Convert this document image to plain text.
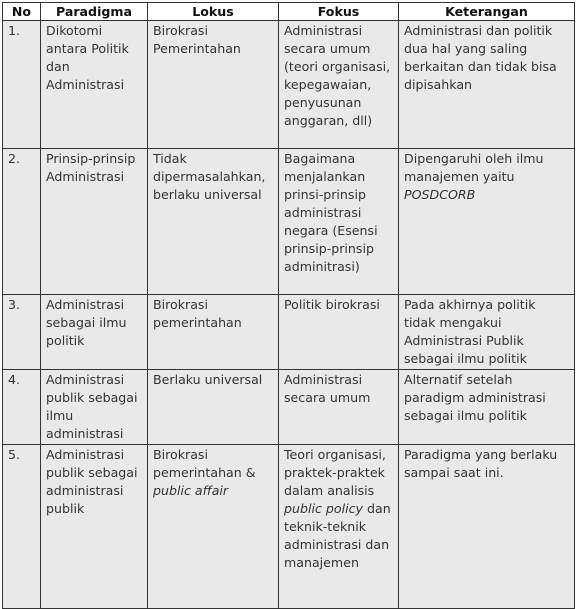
No	Paradigma	Lokus	Fokus	Keterangan
1.	Dikotomi antara Politik dan Administrasi	Birokrasi Pemerintahan	Administrasi secara umum (teori organisasi, kepegawaian, penyusunan anggaran, dll)	Administrasi dan politik dua hal yang saling berkaitan dan tidak bisa dipisahkan
2.	Prinsip-prinsip Administrasi	Tidak dipermasalahkan, berlaku universal	Bagaimana menjalankan prinsi-prinsip administrasi negara (Esensi prinsip-prinsip adminitrasi)	Dipengaruhi oleh ilmu manajemen yaitu POSDCORB
3.	Administrasi sebagai ilmu politik	Birokrasi pemerintahan	Politik birokrasi	Pada akhirnya politik tidak mengakui Administrasi Publik sebagai ilmu politik
4.	Administrasi publik sebagai ilmu administrasi	Berlaku universal	Administrasi secara umum	Alternatif setelah paradigm administrasi sebagai ilmu politik
5.	Administrasi publik sebagai administrasi publik	Birokrasi pemerintahan & public affair	Teori organisasi, praktek-praktek dalam analisis public policy dan teknik-teknik administrasi dan manajemen	Paradigma yang berlaku sampai saat ini.
